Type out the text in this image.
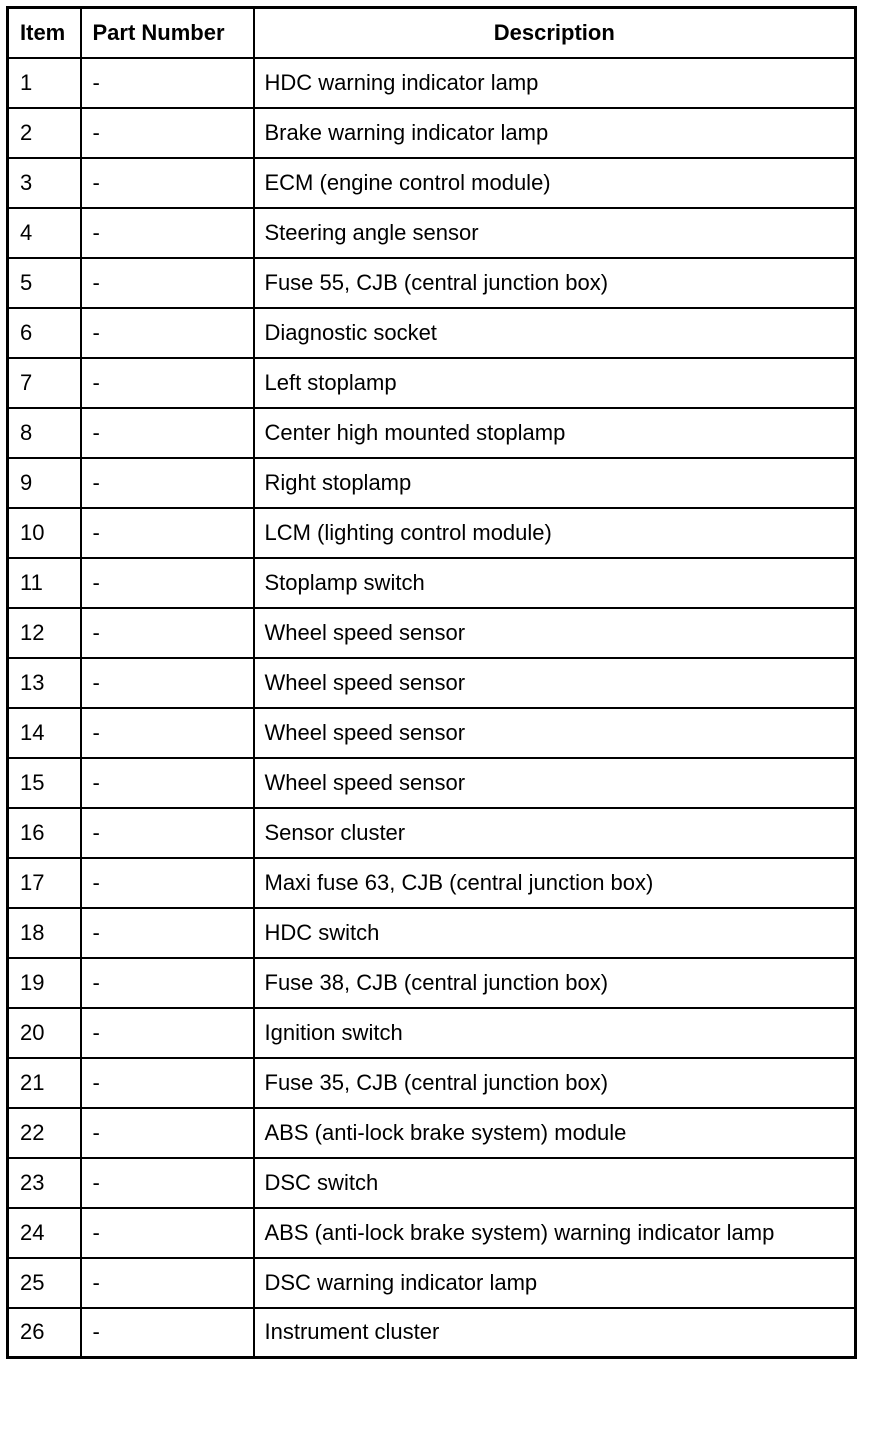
Item	Part Number	Description
1	-	HDC warning indicator lamp
2	-	Brake warning indicator lamp
3	-	ECM (engine control module)
4	-	Steering angle sensor
5	-	Fuse 55, CJB (central junction box)
6	-	Diagnostic socket
7	-	Left stoplamp
8	-	Center high mounted stoplamp
9	-	Right stoplamp
10	-	LCM (lighting control module)
11	-	Stoplamp switch
12	-	Wheel speed sensor
13	-	Wheel speed sensor
14	-	Wheel speed sensor
15	-	Wheel speed sensor
16	-	Sensor cluster
17	-	Maxi fuse 63, CJB (central junction box)
18	-	HDC switch
19	-	Fuse 38, CJB (central junction box)
20	-	Ignition switch
21	-	Fuse 35, CJB (central junction box)
22	-	ABS (anti-lock brake system) module
23	-	DSC switch
24	-	ABS (anti-lock brake system) warning indicator lamp
25	-	DSC warning indicator lamp
26	-	Instrument cluster
